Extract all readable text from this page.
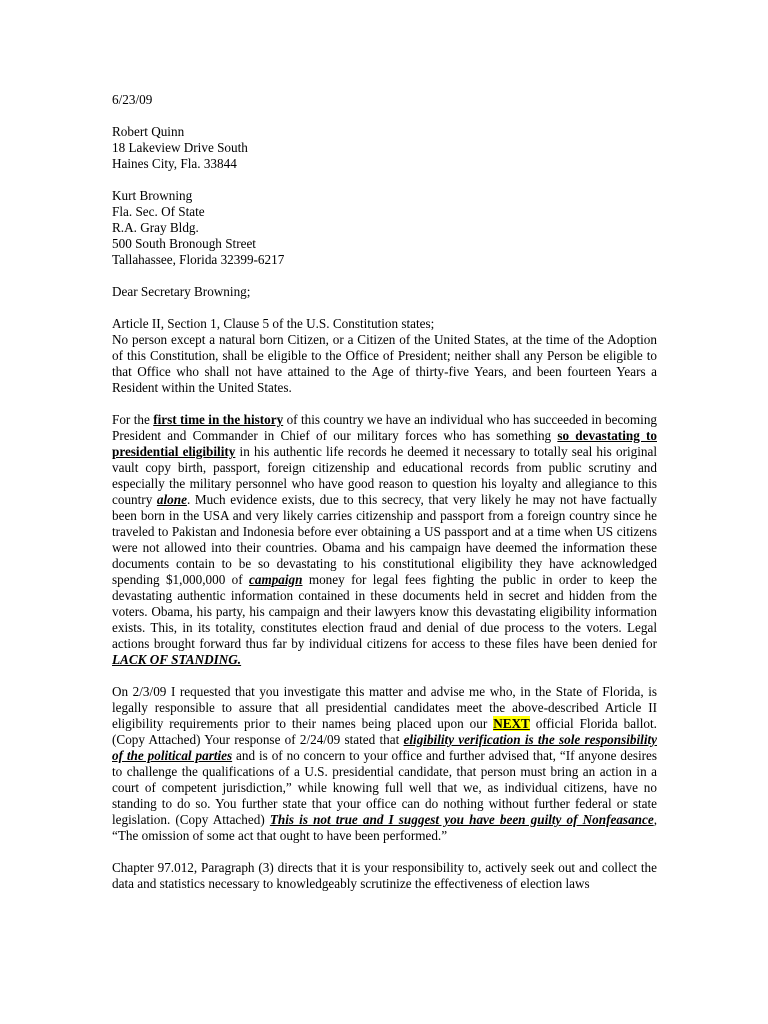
6/23/09
Robert Quinn
18 Lakeview Drive South
Haines City, Fla. 33844
Kurt Browning
Fla. Sec. Of State
R.A. Gray Bldg.
500 South Bronough Street
Tallahassee, Florida 32399-6217
Dear Secretary Browning;
Article II, Section 1, Clause 5 of the U.S. Constitution states;
No person except a natural born Citizen, or a Citizen of the United States, at the time of the Adoption of this Constitution, shall be eligible to the Office of President; neither shall any Person be eligible to that Office who shall not have attained to the Age of thirty-five Years, and been fourteen Years a Resident within the United States.
For the first time in the history of this country we have an individual who has succeeded in becoming President and Commander in Chief of our military forces who has something so devastating to presidential eligibility in his authentic life records he deemed it necessary to totally seal his original vault copy birth, passport, foreign citizenship and educational records from public scrutiny and especially the military personnel who have good reason to question his loyalty and allegiance to this country alone. Much evidence exists, due to this secrecy, that very likely he may not have factually been born in the USA and very likely carries citizenship and passport from a foreign country since he traveled to Pakistan and Indonesia before ever obtaining a US passport and at a time when US citizens were not allowed into their countries. Obama and his campaign have deemed the information these documents contain to be so devastating to his constitutional eligibility they have acknowledged spending $1,000,000 of campaign money for legal fees fighting the public in order to keep the devastating authentic information contained in these documents held in secret and hidden from the voters. Obama, his party, his campaign and their lawyers know this devastating eligibility information exists. This, in its totality, constitutes election fraud and denial of due process to the voters. Legal actions brought forward thus far by individual citizens for access to these files have been denied for LACK OF STANDING.
On 2/3/09 I requested that you investigate this matter and advise me who, in the State of Florida, is legally responsible to assure that all presidential candidates meet the above-described Article II eligibility requirements prior to their names being placed upon our NEXT official Florida ballot. (Copy Attached) Your response of 2/24/09 stated that eligibility verification is the sole responsibility of the political parties and is of no concern to your office and further advised that, “If anyone desires to challenge the qualifications of a U.S. presidential candidate, that person must bring an action in a court of competent jurisdiction,” while knowing full well that we, as individual citizens, have no standing to do so. You further state that your office can do nothing without further federal or state legislation. (Copy Attached) This is not true and I suggest you have been guilty of Nonfeasance, “The omission of some act that ought to have been performed.”
Chapter 97.012, Paragraph (3) directs that it is your responsibility to, actively seek out and collect the data and statistics necessary to knowledgeably scrutinize the effectiveness of election laws
